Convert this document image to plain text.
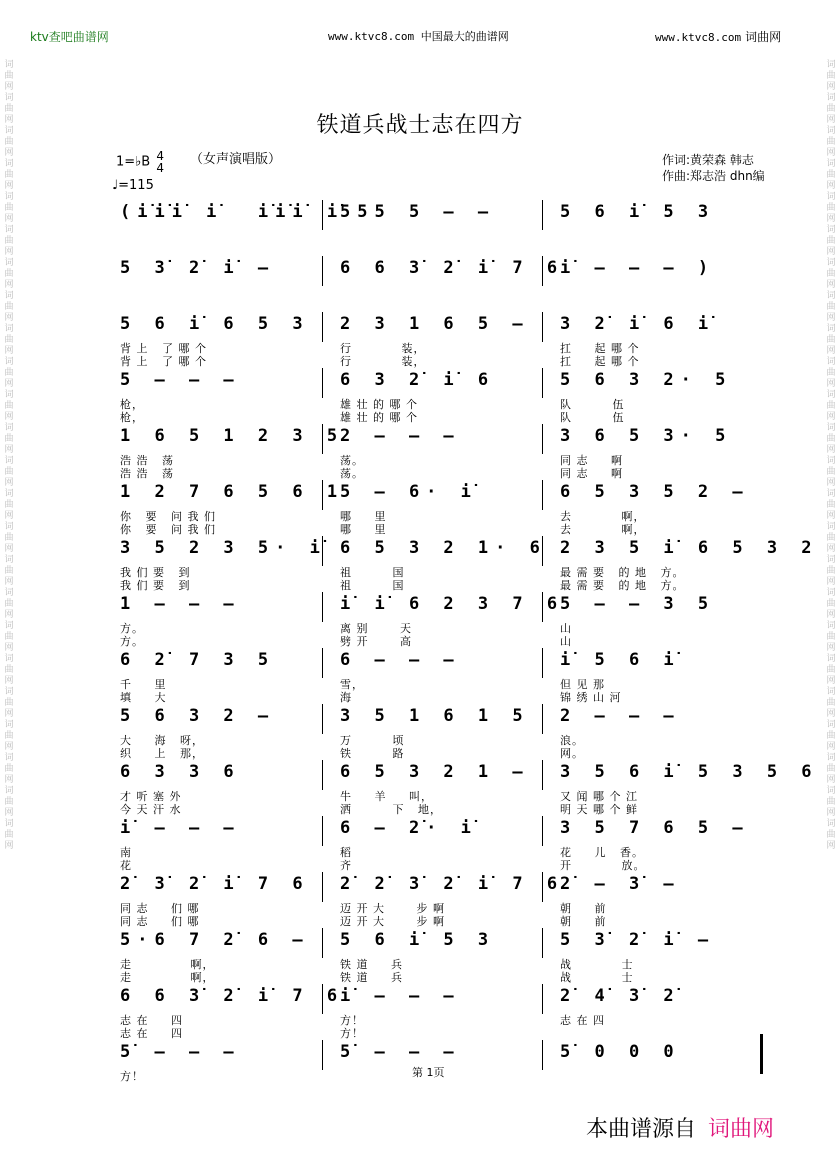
ktv查吧曲谱网	www.ktvc8.com 中国最大的曲谱网	www.ktvc8.com 词曲网
词曲网词曲网词曲网词曲网词曲网词曲网词曲网词曲网词曲网词曲网词曲网词曲网词曲网词曲网词曲网词曲网词曲网词曲网词曲网词曲网词曲网词曲网词曲网词曲网
词曲网词曲网词曲网词曲网词曲网词曲网词曲网词曲网词曲网词曲网词曲网词曲网词曲网词曲网词曲网词曲网词曲网词曲网词曲网词曲网词曲网词曲网词曲网词曲网
铁道兵战士志在四方
1=♭B 4
4
♩=115
（女声演唱版）	作词:黄荣森 韩志
作曲:郑志浩 dhn编
(i̇i̇i̇ i̇  i̇i̇i̇ i̇
555 5 – –	5 6 i̇ 5 3
5 3̇ 2̇ i̇ –	6 6 3̇ 2̇ i̇ 7 6
i̇ – – – )
5 6 i̇ 6 5 3
背 上   了 哪 个
背 上   了 哪 个
2 3 1 6 5 –
行           装，
行           装，
3 2̇ i̇ 6 i̇
扛     起 哪 个
扛     起 哪 个
5 – – –
枪，
枪，
6 3 2̇ i̇ 6
雄 壮 的 哪 个
雄 壮 的 哪 个
5 6 3 2· 5
队         伍
队         伍
1 6 5 1 2 3 5
浩 浩   荡
浩 浩   荡
2 – – –
荡。
荡。
3 6 5 3· 5
同 志     啊
同 志     啊
1 2 7 6 5 6 1
你   要   问 我 们
你   要   问 我 们
5 – 6· i̇
哪     里
哪     里
6 5 3 5 2 –
去           啊，
去           啊，
3 5 2 3 5· i̇
我 们 要   到
我 们 要   到
6 5 3 2 1· 6
祖         国
祖         国
2 3 5 i̇ 6 5 3 2
最 需 要   的 地   方。
最 需 要   的 地   方。
1 – – –
方。
方。
i̇ i̇ 6 2 3 7 6
离 别       天
劈 开       高
5 – – 3 5
山
山
6 2̇ 7 3 5
千     里
填     大
6 – – –
雪，
海
i̇ 5 6 i̇
但 见 那
锦 绣 山 河
5 6 3 2 –
大     海   呀，
织     上   那，
3 5 1 6 1 5
万         顷
铁         路
2 – – –
浪。
网。
6 3 3 6
才 听 塞 外
今 天 汗 水
6 5 3 2 1 –
牛     羊     叫，
洒         下   地，
3 5 6 i̇ 5 3 5 6
又 闻 哪 个 江
明 天 哪 个 鲜
i̇ – – –
南
花
6 – 2̇· i̇
稻
齐
3 5 7 6 5 –
花     儿   香。
开           放。
2̇ 3̇ 2̇ i̇ 7 6
同 志     们 哪
同 志     们 哪
2̇ 2̇ 3̇ 2̇ i̇ 7 6
迈 开 大       步 啊
迈 开 大       步 啊
2̇ – 3̇ –
朝     前
朝     前
5·6 7 2̇ 6 –
走             啊，
走             啊，
5 6 i̇ 5 3
铁 道     兵
铁 道     兵
5 3̇ 2̇ i̇ –
战           士
战           士
6 6 3̇ 2̇ i̇ 7 6
志 在     四
志 在     四
i̇ – – –
方！
方！
2̇ 4̇ 3̇ 2̇
志 在 四
5̇ – – –
方！
5̇ – – –	5̇ 0 0 0
第 1页
本曲谱源自 词曲网
